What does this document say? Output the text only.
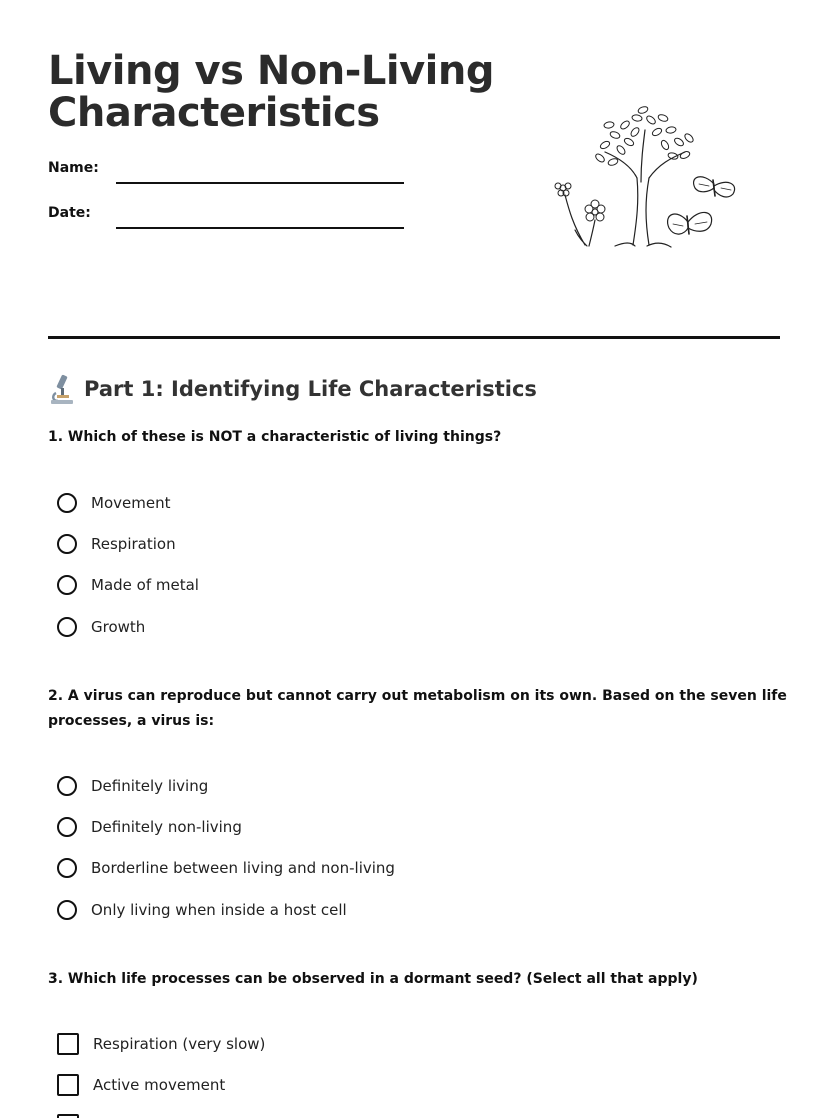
Living vs Non-Living
Characteristics
Name:
Date:
Part 1: Identifying Life Characteristics
1. Which of these is NOT a characteristic of living things?
Movement
Respiration
Made of metal
Growth
2. A virus can reproduce but cannot carry out metabolism on its own. Based on the seven life
processes, a virus is:
Definitely living
Definitely non-living
Borderline between living and non-living
Only living when inside a host cell
3. Which life processes can be observed in a dormant seed? (Select all that apply)
Respiration (very slow)
Active movement
